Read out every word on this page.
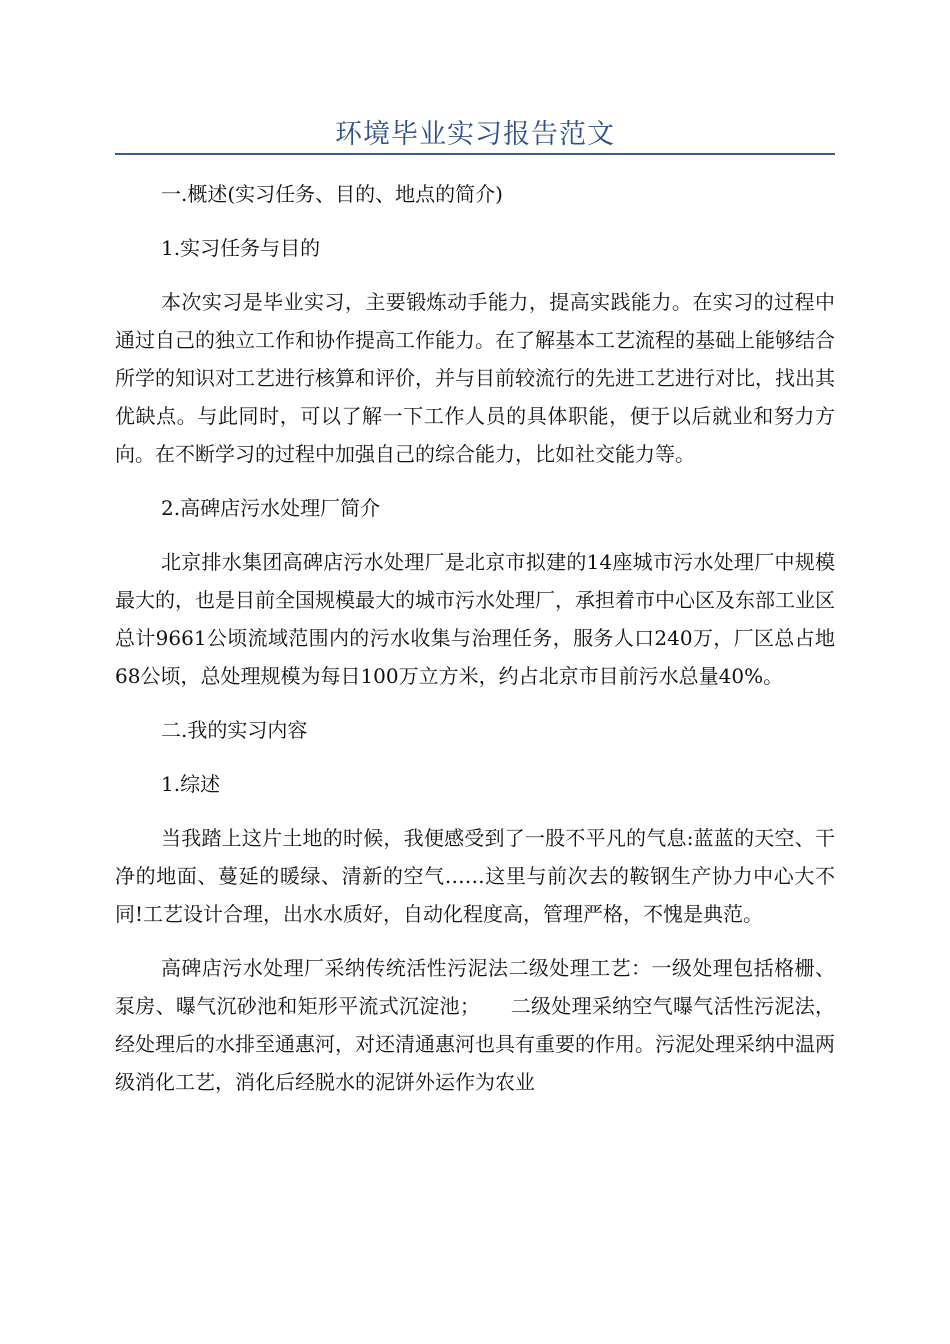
环境毕业实习报告范文

一.概述(实习任务、目的、地点的简介)

1.实习任务与目的

本次实习是毕业实习，主要锻炼动手能力，提高实践能力。在实习的过程中通过自己的独立工作和协作提高工作能力。在了解基本工艺流程的基础上能够结合所学的知识对工艺进行核算和评价，并与目前较流行的先进工艺进行对比，找出其优缺点。与此同时，可以了解一下工作人员的具体职能，便于以后就业和努力方向。在不断学习的过程中加强自己的综合能力，比如社交能力等。

2.高碑店污水处理厂简介

北京排水集团高碑店污水处理厂是北京市拟建的14座城市污水处理厂中规模最大的，也是目前全国规模最大的城市污水处理厂，承担着市中心区及东部工业区总计9661公顷流域范围内的污水收集与治理任务，服务人口240万，厂区总占地68公顷，总处理规模为每日100万立方米，约占北京市目前污水总量40%。

二.我的实习内容

1.综述

当我踏上这片土地的时候，我便感受到了一股不平凡的气息:蓝蓝的天空、干净的地面、蔓延的暖绿、清新的空气……这里与前次去的鞍钢生产协力中心大不同!工艺设计合理，出水水质好，自动化程度高，管理严格，不愧是典范。

高碑店污水处理厂采纳传统活性污泥法二级处理工艺：一级处理包括格栅、泵房、曝气沉砂池和矩形平流式沉淀池；　　二级处理采纳空气曝气活性污泥法，经处理后的水排至通惠河，对还清通惠河也具有重要的作用。污泥处理采纳中温两级消化工艺，消化后经脱水的泥饼外运作为农业
